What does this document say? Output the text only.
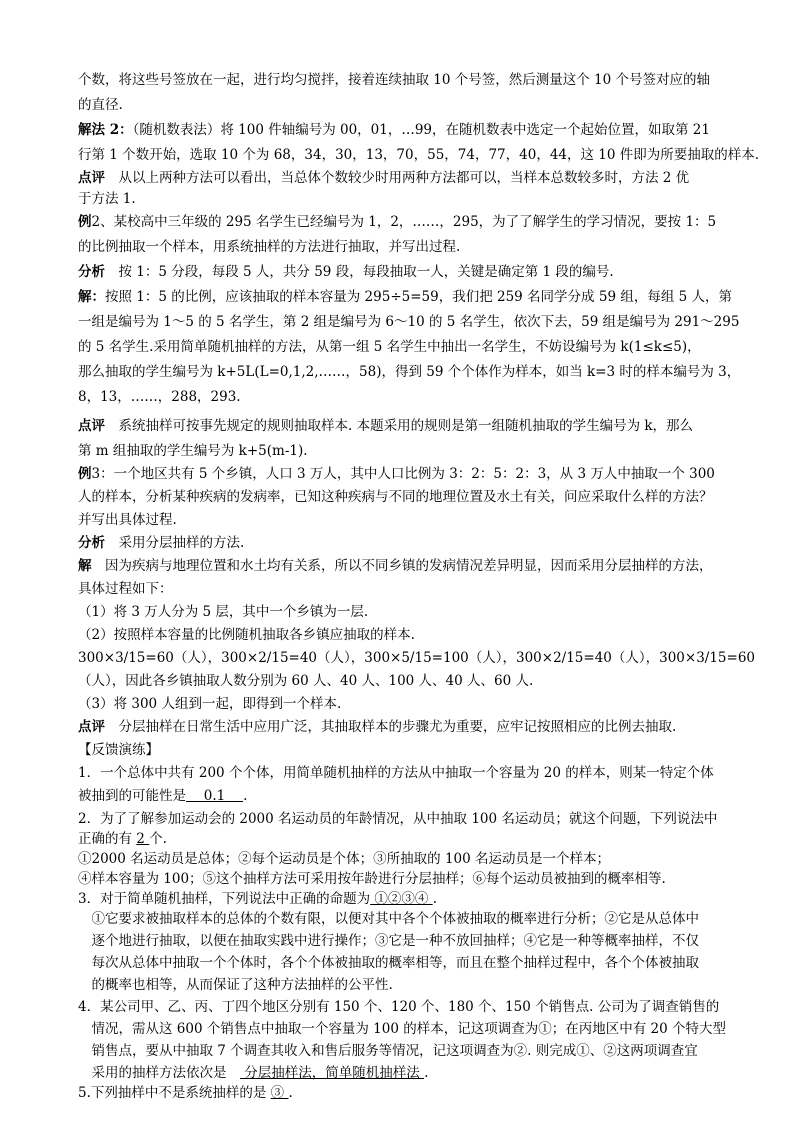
个数，将这些号签放在一起，进行均匀搅拌，接着连续抽取 10 个号签，然后测量这个 10 个号签对应的轴

的直径.

解法 2：（随机数表法）将 100 件轴编号为 00，01，…99，在随机数表中选定一个起始位置，如取第 21

行第 1 个数开始，选取 10 个为 68，34，30，13，70，55，74，77，40，44，这 10 件即为所要抽取的样本.

点评　从以上两种方法可以看出，当总体个数较少时用两种方法都可以，当样本总数较多时，方法 2 优

于方法 1.

例2、某校高中三年级的 295 名学生已经编号为 1，2，……，295，为了了解学生的学习情况，要按 1：5

的比例抽取一个样本，用系统抽样的方法进行抽取，并写出过程.

分析　按 1：5 分段，每段 5 人，共分 59 段，每段抽取一人，关键是确定第 1 段的编号.

解：按照 1：5 的比例，应该抽取的样本容量为 295÷5=59，我们把 259 名同学分成 59 组，每组 5 人，第

一组是编号为 1～5 的 5 名学生，第 2 组是编号为 6～10 的 5 名学生，依次下去，59 组是编号为 291～295

的 5 名学生.采用简单随机抽样的方法，从第一组 5 名学生中抽出一名学生，不妨设编号为 k(1≤k≤5)，

那么抽取的学生编号为 k+5L(L=0,1,2,……，58)，得到 59 个个体作为样本，如当 k=3 时的样本编号为 3，

8，13，……，288，293.

点评　系统抽样可按事先规定的规则抽取样本. 本题采用的规则是第一组随机抽取的学生编号为 k，那么

第 m 组抽取的学生编号为 k+5(m-1).

例3：一个地区共有 5 个乡镇，人口 3 万人，其中人口比例为 3：2：5：2：3，从 3 万人中抽取一个 300

人的样本，分析某种疾病的发病率，已知这种疾病与不同的地理位置及水土有关，问应采取什么样的方法？

并写出具体过程.

分析　采用分层抽样的方法.

解　因为疾病与地理位置和水土均有关系，所以不同乡镇的发病情况差异明显，因而采用分层抽样的方法，

具体过程如下：

（1）将 3 万人分为 5 层，其中一个乡镇为一层.

（2）按照样本容量的比例随机抽取各乡镇应抽取的样本.

300×3/15=60（人），300×2/15=40（人），300×5/15=100（人），300×2/15=40（人），300×3/15=60

（人），因此各乡镇抽取人数分别为 60 人、40 人、100 人、40 人、60 人.

（3）将 300 人组到一起，即得到一个样本.

点评　分层抽样在日常生活中应用广泛，其抽取样本的步骤尤为重要，应牢记按照相应的比例去抽取.

【反馈演练】

1．一个总体中共有 200 个个体，用简单随机抽样的方法从中抽取一个容量为 20 的样本，则某一特定个体

被抽到的可能性是　 0.1 　.

2．为了了解参加运动会的 2000 名运动员的年龄情况，从中抽取 100 名运动员；就这个问题，下列说法中

正确的有 2 个.

①2000 名运动员是总体；②每个运动员是个体；③所抽取的 100 名运动员是一个样本；

④样本容量为 100；⑤这个抽样方法可采用按年龄进行分层抽样；⑥每个运动员被抽到的概率相等.

3．对于简单随机抽样，下列说法中正确的命题为 ①②③④ .

　①它要求被抽取样本的总体的个数有限，以便对其中各个个体被抽取的概率进行分析；②它是从总体中

　逐个地进行抽取，以便在抽取实践中进行操作；③它是一种不放回抽样；④它是一种等概率抽样，不仅

　每次从总体中抽取一个个体时，各个个体被抽取的概率相等，而且在整个抽样过程中，各个个体被抽取

　的概率也相等，从而保证了这种方法抽样的公平性.

4．某公司甲、乙、丙、丁四个地区分别有 150 个、120 个、180 个、150 个销售点. 公司为了调查销售的

　情况，需从这 600 个销售点中抽取一个容量为 100 的样本，记这项调查为①；在丙地区中有 20 个特大型

　销售点，要从中抽取 7 个调查其收入和售后服务等情况，记这项调查为②. 则完成①、②这两项调查宜

　采用的抽样方法依次是　 分层抽样法，简单随机抽样法 .

5.下列抽样中不是系统抽样的是 ③ .
